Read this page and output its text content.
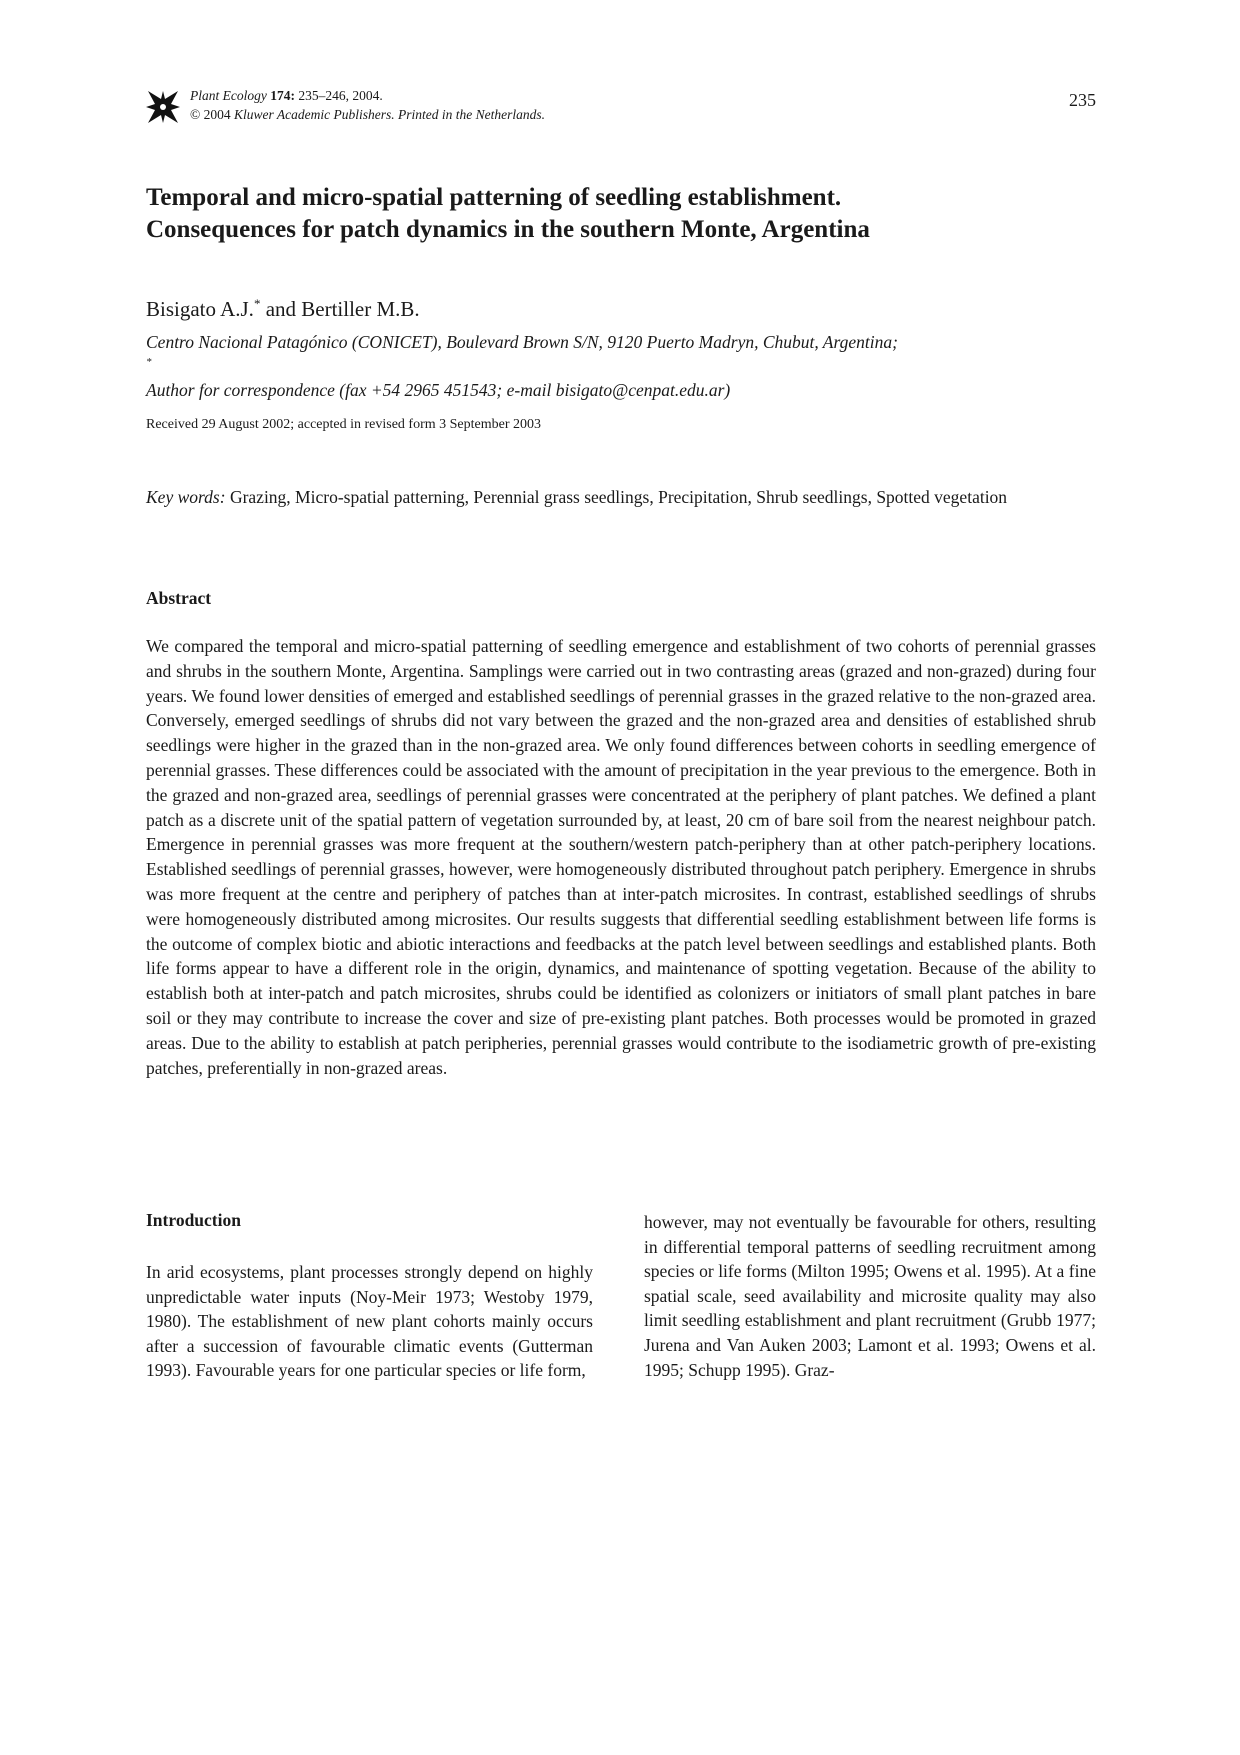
Plant Ecology 174: 235–246, 2004.
© 2004 Kluwer Academic Publishers. Printed in the Netherlands.
235
Temporal and micro-spatial patterning of seedling establishment.
Consequences for patch dynamics in the southern Monte, Argentina
Bisigato A.J.* and Bertiller M.B.
Centro Nacional Patagónico (CONICET), Boulevard Brown S/N, 9120 Puerto Madryn, Chubut, Argentina;
*
Author for correspondence (fax +54 2965 451543; e-mail bisigato@cenpat.edu.ar)
Received 29 August 2002; accepted in revised form 3 September 2003

Key words: Grazing, Micro-spatial patterning, Perennial grass seedlings, Precipitation, Shrub seedlings, Spotted vegetation

Abstract

We compared the temporal and micro-spatial patterning of seedling emergence and establishment of two cohorts of perennial grasses and shrubs in the southern Monte, Argentina. Samplings were carried out in two contrasting areas (grazed and non-grazed) during four years. We found lower densities of emerged and established seedlings of perennial grasses in the grazed relative to the non-grazed area. Conversely, emerged seedlings of shrubs did not vary between the grazed and the non-grazed area and densities of established shrub seedlings were higher in the grazed than in the non-grazed area. We only found differences between cohorts in seedling emergence of perennial grasses. These differences could be associated with the amount of precipitation in the year previous to the emergence. Both in the grazed and non-grazed area, seedlings of perennial grasses were concentrated at the periphery of plant patches. We defined a plant patch as a discrete unit of the spatial pattern of vegetation surrounded by, at least, 20 cm of bare soil from the nearest neighbour patch. Emergence in perennial grasses was more frequent at the southern/western patch-periphery than at other patch-periphery locations. Established seedlings of perennial grasses, however, were homogeneously distributed throughout patch periphery. Emergence in shrubs was more frequent at the centre and periphery of patches than at inter-patch microsites. In contrast, established seedlings of shrubs were homogeneously distributed among microsites. Our results suggests that differential seedling establishment between life forms is the outcome of complex biotic and abiotic interactions and feedbacks at the patch level between seedlings and established plants. Both life forms appear to have a different role in the origin, dynamics, and maintenance of spotting vegetation. Because of the ability to establish both at inter-patch and patch microsites, shrubs could be identified as colonizers or initiators of small plant patches in bare soil or they may contribute to increase the cover and size of pre-existing plant patches. Both processes would be promoted in grazed areas. Due to the ability to establish at patch peripheries, perennial grasses would contribute to the isodiametric growth of pre-existing patches, preferentially in non-grazed areas.

Introduction

In arid ecosystems, plant processes strongly depend on highly unpredictable water inputs (Noy-Meir 1973; Westoby 1979, 1980). The establishment of new plant cohorts mainly occurs after a succession of favourable climatic events (Gutterman 1993). Favourable years for one particular species or life form,

however, may not eventually be favourable for others, resulting in differential temporal patterns of seedling recruitment among species or life forms (Milton 1995; Owens et al. 1995). At a fine spatial scale, seed availability and microsite quality may also limit seedling establishment and plant recruitment (Grubb 1977; Jurena and Van Auken 2003; Lamont et al. 1993; Owens et al. 1995; Schupp 1995). Graz-
